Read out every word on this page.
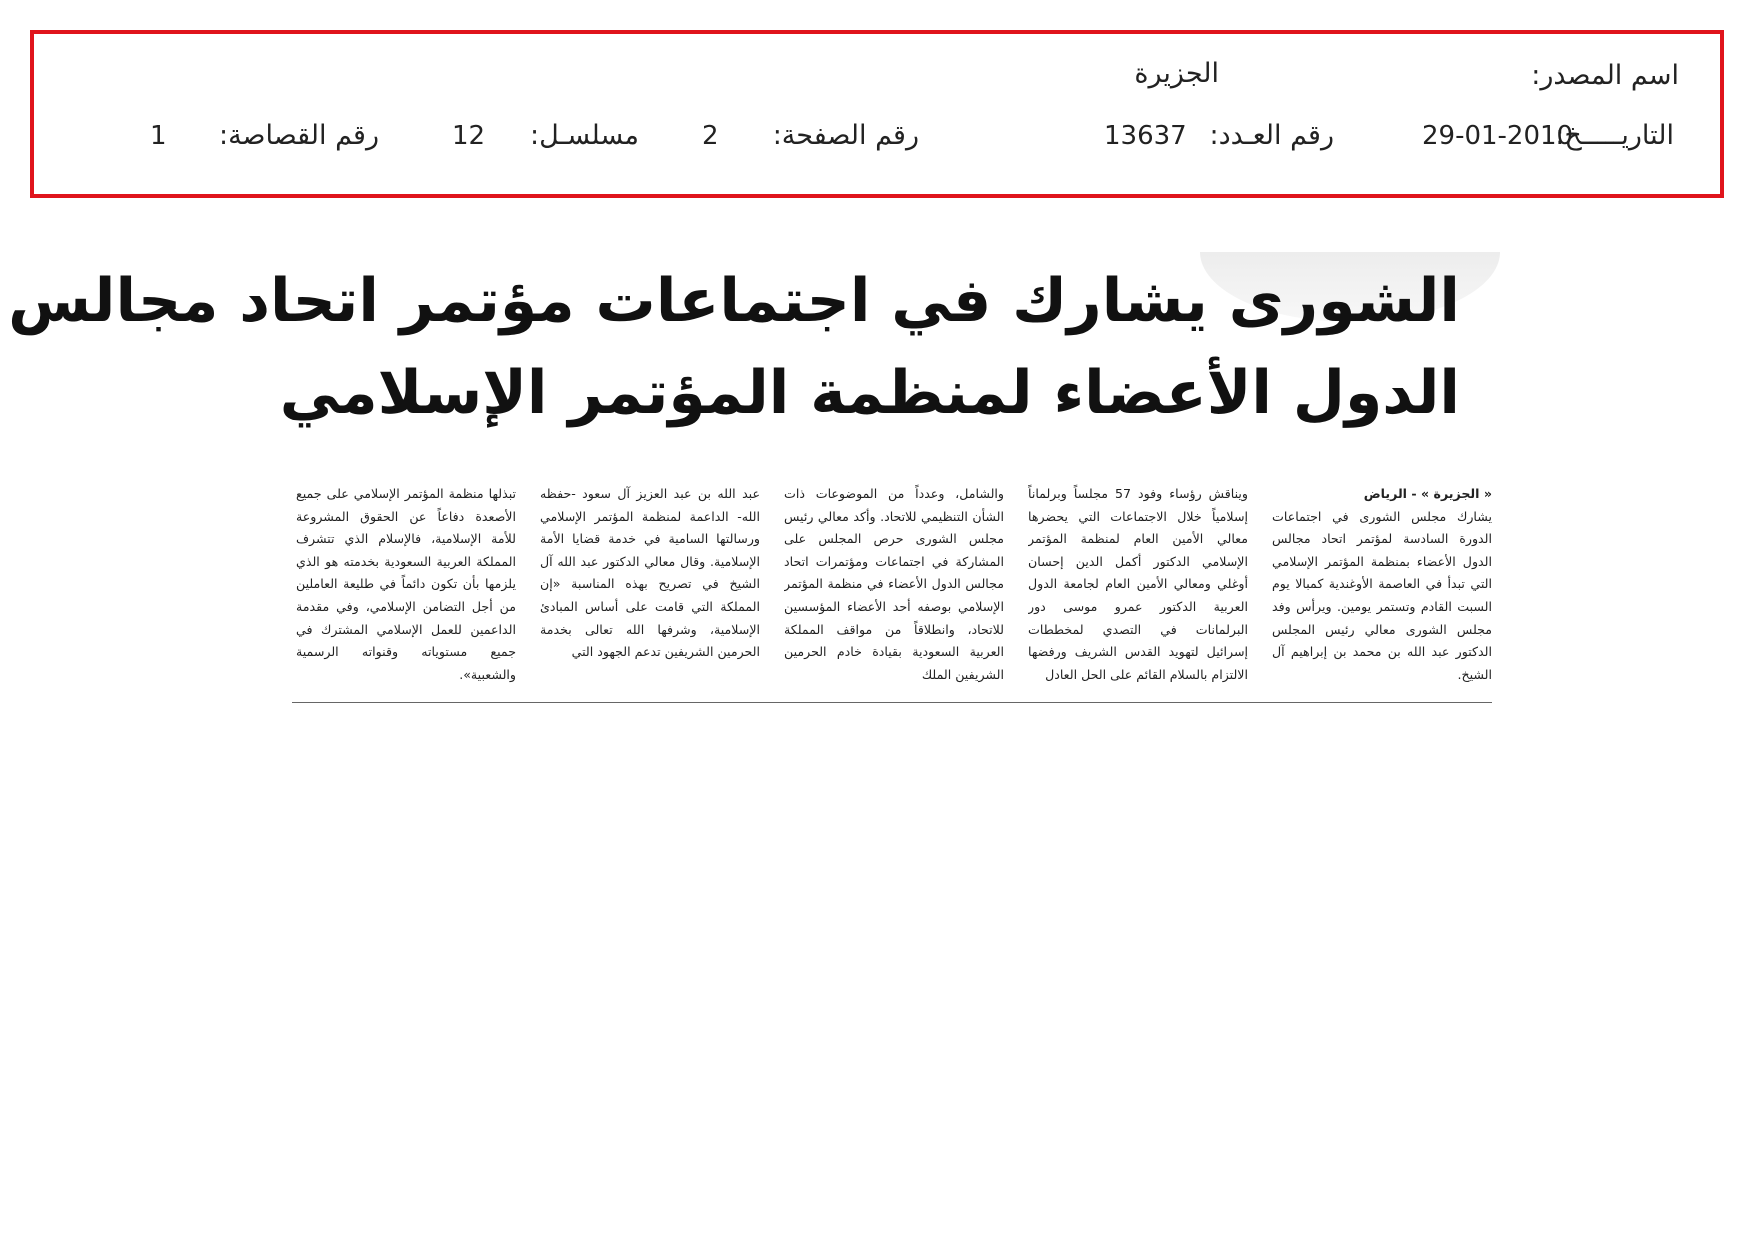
اسم المصدر:
الجزيرة
التاريـــــخ:
29-01-2010
رقم العـدد:
13637
رقم الصفحة:
2
مسلسـل:
12
رقم القصاصة:
1
الشورى يشارك في اجتماعات مؤتمر اتحاد مجالس
الدول الأعضاء لمنظمة المؤتمر الإسلامي
« الجزيرة » - الرياض

يشارك مجلس الشورى في اجتماعات الدورة السادسة لمؤتمر اتحاد مجالس الدول الأعضاء بمنظمة المؤتمر الإسلامي التي تبدأ في العاصمة الأوغندية كمبالا يوم السبت القادم وتستمر يومين. ويرأس وفد مجلس الشورى معالي رئيس المجلس الدكتور عبد الله بن محمد بن إبراهيم آل الشيخ.

ويناقش رؤساء وفود 57 مجلساً وبرلماناً إسلامياً خلال الاجتماعات التي يحضرها معالي الأمين العام لمنظمة المؤتمر الإسلامي الدكتور أكمل الدين إحسان أوغلي ومعالي الأمين العام لجامعة الدول العربية الدكتور عمرو موسى دور البرلمانات في التصدي لمخططات إسرائيل لتهويد القدس الشريف ورفضها الالتزام بالسلام القائم على الحل العادل

والشامل، وعدداً من الموضوعات ذات الشأن التنظيمي للاتحاد. وأكد معالي رئيس مجلس الشورى حرص المجلس على المشاركة في اجتماعات ومؤتمرات اتحاد مجالس الدول الأعضاء في منظمة المؤتمر الإسلامي بوصفه أحد الأعضاء المؤسسين للاتحاد، وانطلاقاً من مواقف المملكة العربية السعودية بقيادة خادم الحرمين الشريفين الملك

عبد الله بن عبد العزيز آل سعود -حفظه الله- الداعمة لمنظمة المؤتمر الإسلامي ورسالتها السامية في خدمة قضايا الأمة الإسلامية. وقال معالي الدكتور عبد الله آل الشيخ في تصريح بهذه المناسبة «إن المملكة التي قامت على أساس المبادئ الإسلامية، وشرفها الله تعالى بخدمة الحرمين الشريفين تدعم الجهود التي

تبذلها منظمة المؤتمر الإسلامي على جميع الأصعدة دفاعاً عن الحقوق المشروعة للأمة الإسلامية، فالإسلام الذي تتشرف المملكة العربية السعودية بخدمته هو الذي يلزمها بأن تكون دائماً في طليعة العاملين من أجل التضامن الإسلامي، وفي مقدمة الداعمين للعمل الإسلامي المشترك في جميع مستوياته وقنواته الرسمية والشعبية».
